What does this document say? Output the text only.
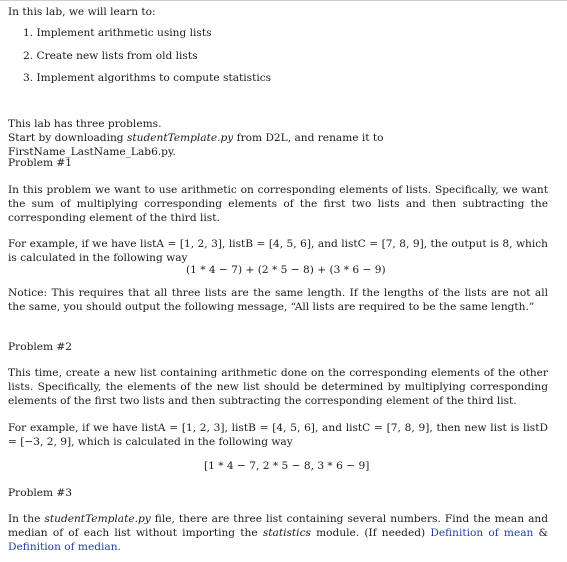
In this lab, we will learn to:
1. Implement arithmetic using lists
2. Create new lists from old lists
3. Implement algorithms to compute statistics
This lab has three problems.
Start by downloading studentTemplate.py from D2L, and rename it to FirstName_LastName_Lab6.py.
Problem #1
In this problem we want to use arithmetic on corresponding elements of lists. Specifically, we want the sum of multiplying corresponding elements of the first two lists and then subtracting the corresponding element of the third list.
For example, if we have listA = [1, 2, 3], listB = [4, 5, 6], and listC = [7, 8, 9], the output is 8, which is calculated in the following way
(1 * 4 − 7) + (2 * 5 − 8) + (3 * 6 − 9)
Notice: This requires that all three lists are the same length. If the lengths of the lists are not all the same, you should output the following message, “All lists are required to be the same length.”
Problem #2
This time, create a new list containing arithmetic done on the corresponding elements of the other lists. Specifically, the elements of the new list should be determined by multiplying corresponding elements of the first two lists and then subtracting the corresponding element of the third list.
For example, if we have listA = [1, 2, 3], listB = [4, 5, 6], and listC = [7, 8, 9], then new list is listD = [−3, 2, 9], which is calculated in the following way
[1 * 4 − 7, 2 * 5 − 8, 3 * 6 − 9]
Problem #3
In the studentTemplate.py file, there are three list containing several numbers. Find the mean and median of of each list without importing the statistics module. (If needed) Definition of mean & Definition of median.
